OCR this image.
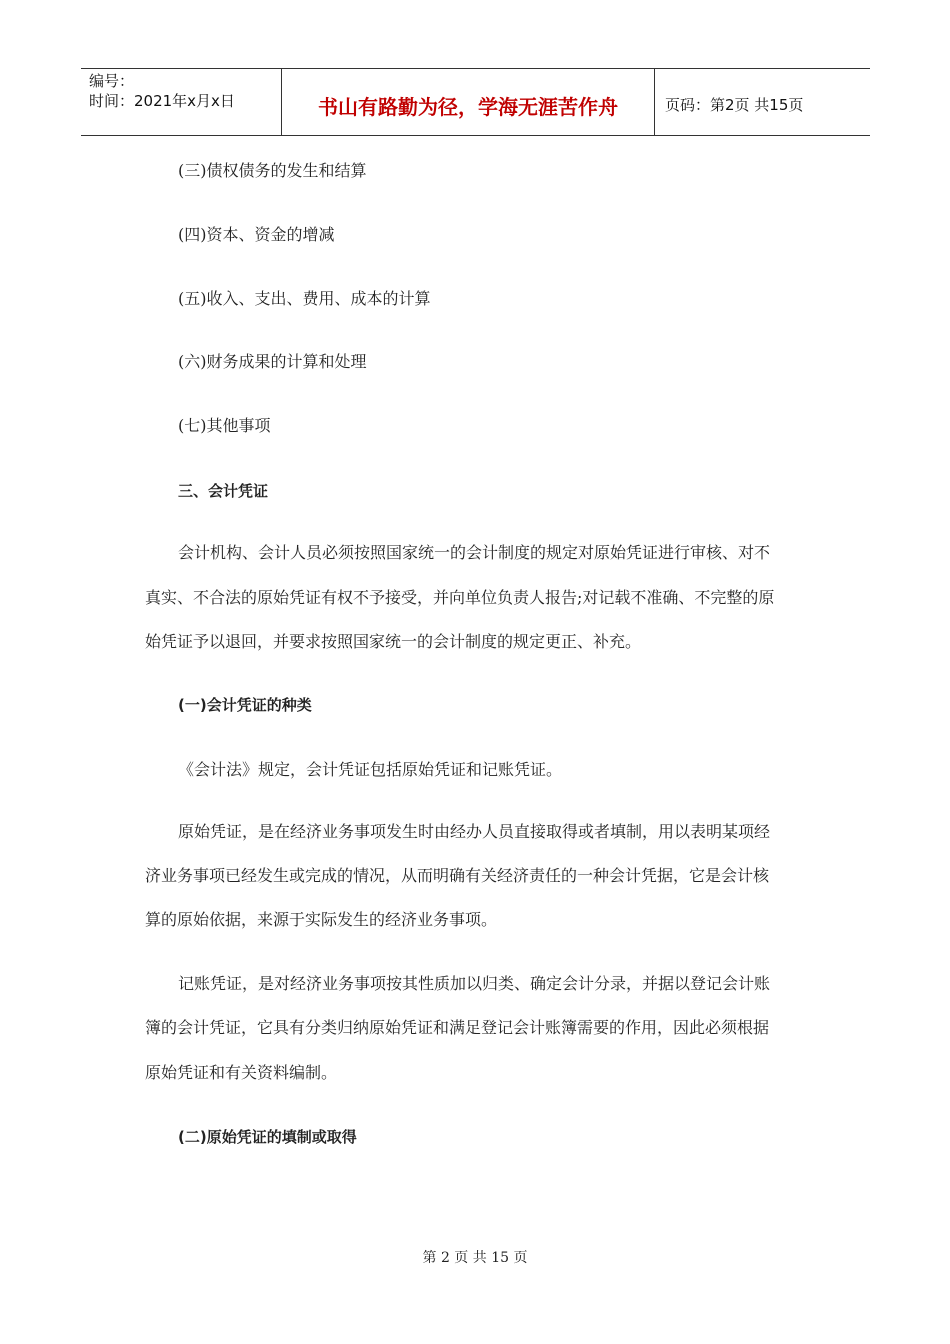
编号：
时间：2021年x月x日	书山有路勤为径，学海无涯苦作舟	页码：第2页 共15页
(三)债权债务的发生和结算
(四)资本、资金的增减
(五)收入、支出、费用、成本的计算
(六)财务成果的计算和处理
(七)其他事项
三、会计凭证
会计机构、会计人员必须按照国家统一的会计制度的规定对原始凭证进行审核、对不
真实、不合法的原始凭证有权不予接受，并向单位负责人报告;对记载不准确、不完整的原
始凭证予以退回，并要求按照国家统一的会计制度的规定更正、补充。
(一)会计凭证的种类
《会计法》规定，会计凭证包括原始凭证和记账凭证。
原始凭证，是在经济业务事项发生时由经办人员直接取得或者填制，用以表明某项经
济业务事项已经发生或完成的情况，从而明确有关经济责任的一种会计凭据，它是会计核
算的原始依据，来源于实际发生的经济业务事项。
记账凭证，是对经济业务事项按其性质加以归类、确定会计分录，并据以登记会计账
簿的会计凭证，它具有分类归纳原始凭证和满足登记会计账簿需要的作用，因此必须根据
原始凭证和有关资料编制。
(二)原始凭证的填制或取得
第 2 页 共 15 页
